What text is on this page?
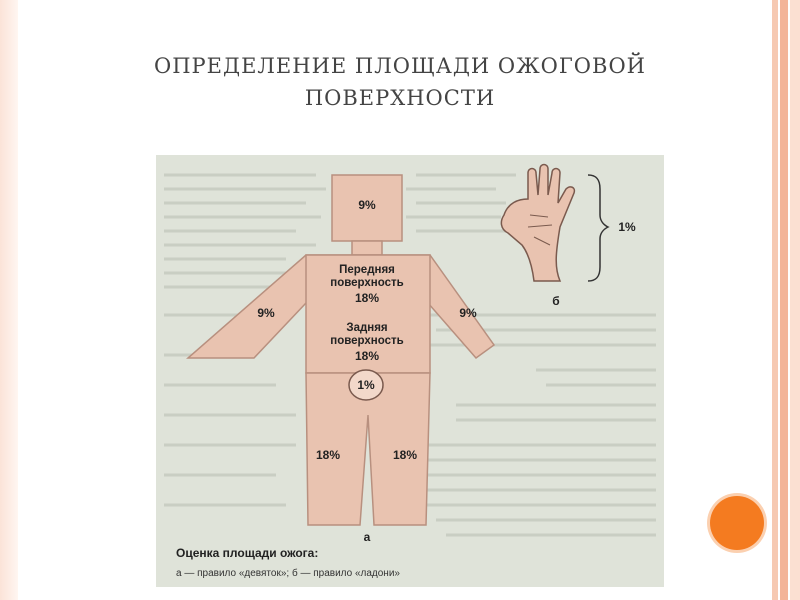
ОПРЕДЕЛЕНИЕ ПЛОЩАДИ ОЖОГОВОЙ
ПОВЕРХНОСТИ
9%
Передняя
поверхность
18%
Задняя
поверхность
18%
9%	9%
1%
18%	18%
1%
б
а
Оценка площади ожога:
а — правило «девяток»; б — правило «ладони»
